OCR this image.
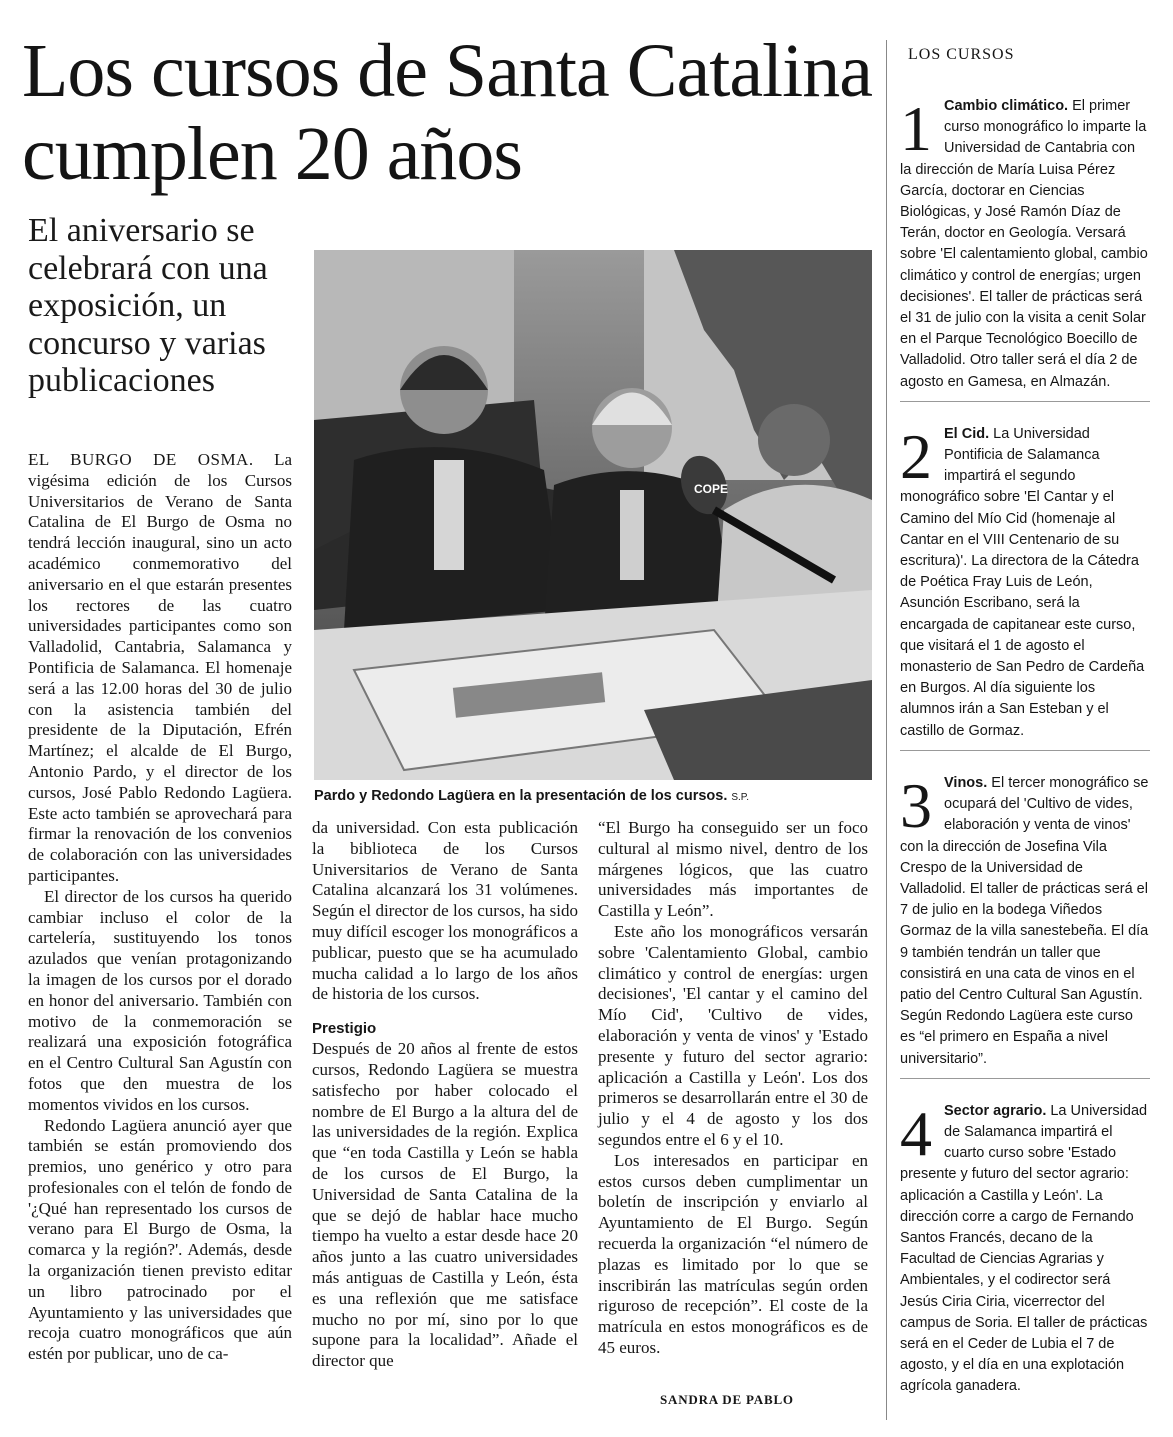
Los cursos de Santa Catalina cumplen 20 años
El aniversario se celebrará con una exposición, un concurso y varias publicaciones
COPE
Pardo y Redondo Lagüera en la presentación de los cursos. S.P.

EL BURGO DE OSMA. La vigésima edición de los Cursos Universitarios de Verano de Santa Catalina de El Burgo de Osma no tendrá lección inaugural, sino un acto académico conmemorativo del aniversario en el que estarán presentes los rectores de las cuatro universidades participantes como son Valladolid, Cantabria, Salamanca y Pontificia de Salamanca. El homenaje será a las 12.00 horas del 30 de julio con la asistencia también del presidente de la Diputación, Efrén Martínez; el alcalde de El Burgo, Antonio Pardo, y el director de los cursos, José Pablo Redondo Lagüera. Este acto también se aprovechará para firmar la renovación de los convenios de colaboración con las universidades participantes.

El director de los cursos ha querido cambiar incluso el color de la cartelería, sustituyendo los tonos azulados que venían protagonizando la imagen de los cursos por el dorado en honor del aniversario. También con motivo de la conmemoración se realizará una exposición fotográfica en el Centro Cultural San Agustín con fotos que den muestra de los momentos vividos en los cursos.

Redondo Lagüera anunció ayer que también se están promoviendo dos premios, uno genérico y otro para profesionales con el telón de fondo de '¿Qué han representado los cursos de verano para El Burgo de Osma, la comarca y la región?'. Además, desde la organización tienen previsto editar un libro patrocinado por el Ayuntamiento y las universidades que recoja cuatro monográficos que aún estén por publicar, uno de ca-

da universidad. Con esta publicación la biblioteca de los Cursos Universitarios de Verano de Santa Catalina alcanzará los 31 volúmenes. Según el director de los cursos, ha sido muy difícil escoger los monográficos a publicar, puesto que se ha acumulado mucha calidad a lo largo de los años de historia de los cursos.

Prestigio

Después de 20 años al frente de estos cursos, Redondo Lagüera se muestra satisfecho por haber colocado el nombre de El Burgo a la altura del de las universidades de la región. Explica que “en toda Castilla y León se habla de los cursos de El Burgo, la Universidad de Santa Catalina de la que se dejó de hablar hace mucho tiempo ha vuelto a estar desde hace 20 años junto a las cuatro universidades más antiguas de Castilla y León, ésta es una reflexión que me satisface mucho no por mí, sino por lo que supone para la localidad”. Añade el director que

“El Burgo ha conseguido ser un foco cultural al mismo nivel, dentro de los márgenes lógicos, que las cuatro universidades más importantes de Castilla y León”.

Este año los monográficos versarán sobre 'Calentamiento Global, cambio climático y control de energías: urgen decisiones', 'El cantar y el camino del Mío Cid', 'Cultivo de vides, elaboración y venta de vinos' y 'Estado presente y futuro del sector agrario: aplicación a Castilla y León'. Los dos primeros se desarrollarán entre el 30 de julio y el 4 de agosto y los dos segundos entre el 6 y el 10.

Los interesados en participar en estos cursos deben cumplimentar un boletín de inscripción y enviarlo al Ayuntamiento de El Burgo. Según recuerda la organización “el número de plazas es limitado por lo que se inscribirán las matrículas según orden riguroso de recepción”. El coste de la matrícula en estos monográficos es de 45 euros.

SANDRA DE PABLO
LOS CURSOS
1 Cambio climático. El primer curso monográfico lo imparte la Universidad de Cantabria con la dirección de María Luisa Pérez García, doctorar en Ciencias Biológicas, y José Ramón Díaz de Terán, doctor en Geología. Versará sobre 'El calentamiento global, cambio climático y control de energías; urgen decisiones'. El taller de prácticas será el 31 de julio con la visita a cenit Solar en el Parque Tecnológico Boecillo de Valladolid. Otro taller será el día 2 de agosto en Gamesa, en Almazán.
2 El Cid. La Universidad Pontificia de Salamanca impartirá el segundo monográfico sobre 'El Cantar y el Camino del Mío Cid (homenaje al Cantar en el VIII Centenario de su escritura)'. La directora de la Cátedra de Poética Fray Luis de León, Asunción Escribano, será la encargada de capitanear este curso, que visitará el 1 de agosto el monasterio de San Pedro de Cardeña en Burgos. Al día siguiente los alumnos irán a San Esteban y el castillo de Gormaz.
3 Vinos. El tercer monográfico se ocupará del 'Cultivo de vides, elaboración y venta de vinos' con la dirección de Josefina Vila Crespo de la Universidad de Valladolid. El taller de prácticas será el 7 de julio en la bodega Viñedos Gormaz de la villa sanestebeña. El día 9 también tendrán un taller que consistirá en una cata de vinos en el patio del Centro Cultural San Agustín. Según Redondo Lagüera este curso es “el primero en España a nivel universitario”.
4 Sector agrario. La Universidad de Salamanca impartirá el cuarto curso sobre 'Estado presente y futuro del sector agrario: aplicación a Castilla y León'. La dirección corre a cargo de Fernando Santos Francés, decano de la Facultad de Ciencias Agrarias y Ambientales, y el codirector será Jesús Ciria Ciria, vicerrector del campus de Soria. El taller de prácticas será en el Ceder de Lubia el 7 de agosto, y el día en una explotación agrícola ganadera.
